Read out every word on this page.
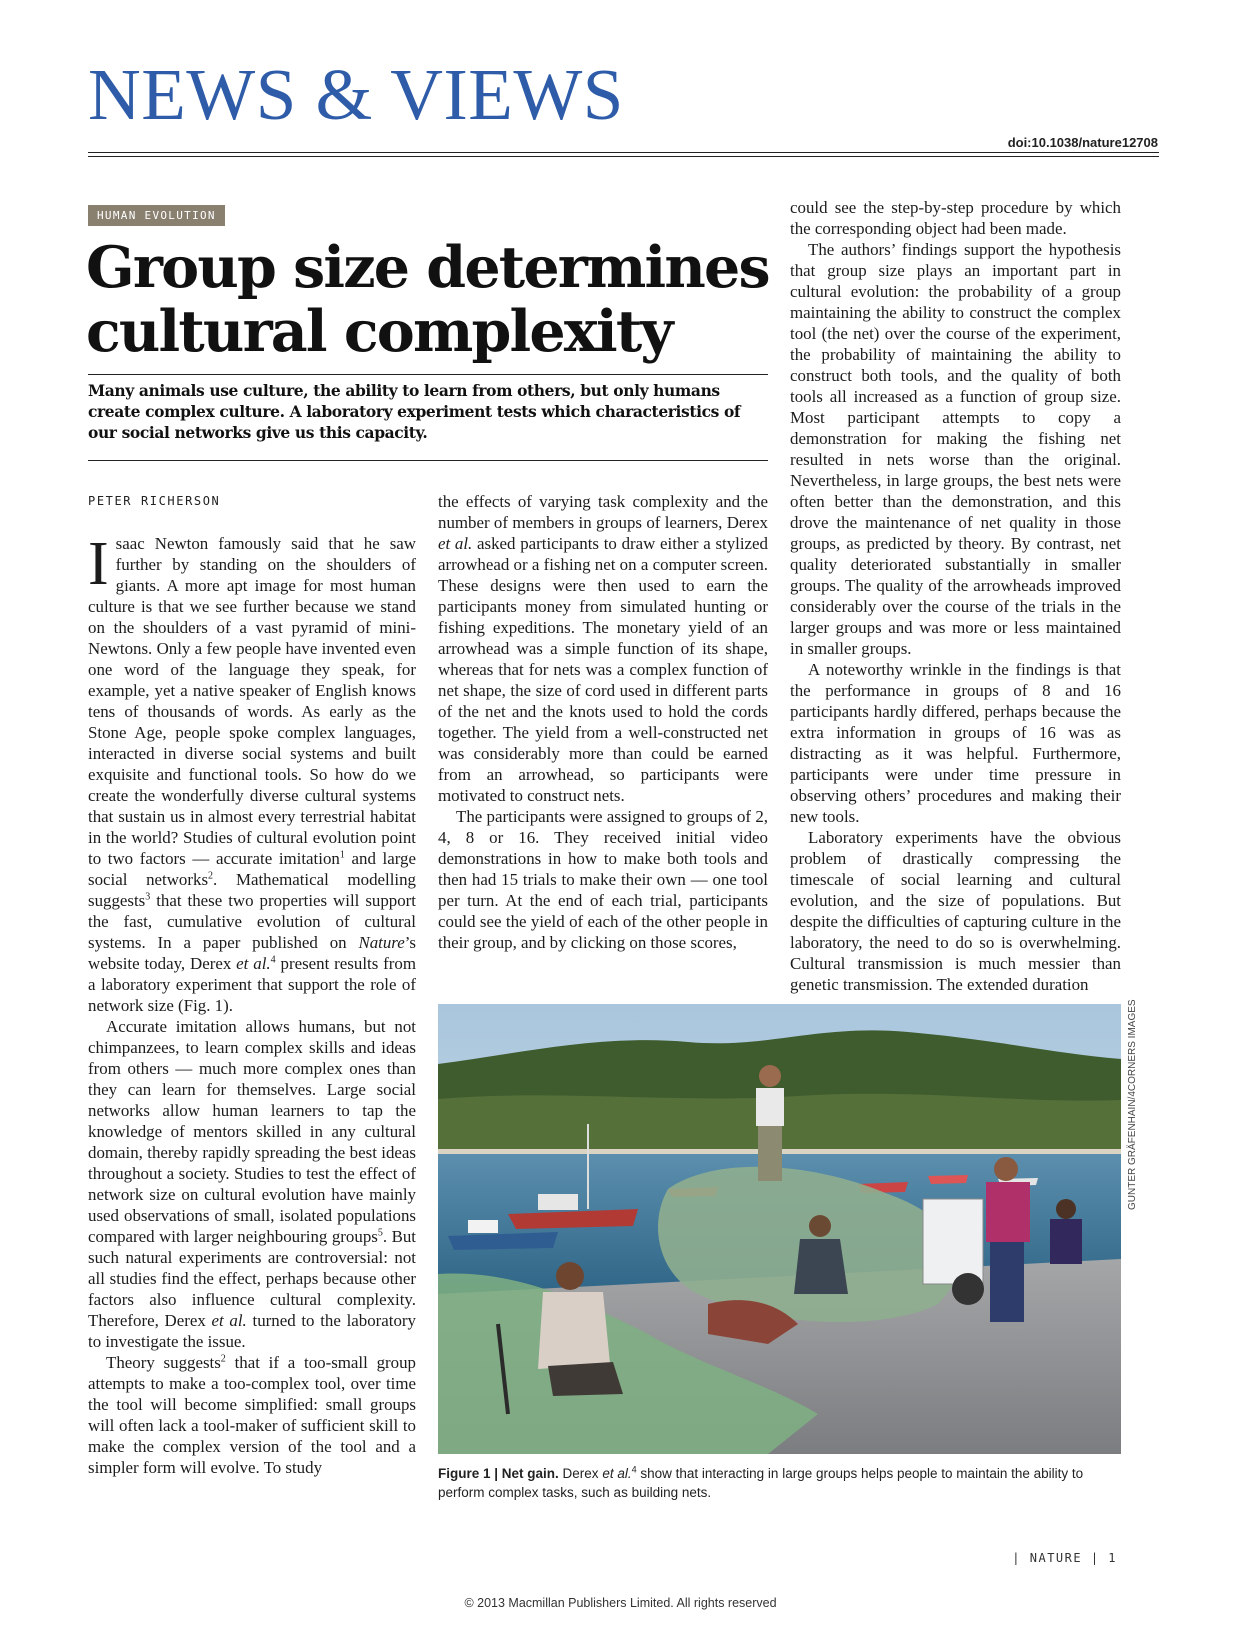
NEWS & VIEWS
doi:10.1038/nature12708
HUMAN EVOLUTION
Group size determines cultural complexity

Many animals use culture, the ability to learn from others, but only humans create complex culture. A laboratory experiment tests which characteristics of our social networks give us this capacity.

PETER RICHERSON

Isaac Newton famously said that he saw further by standing on the shoulders of giants. A more apt image for most human culture is that we see further because we stand on the shoulders of a vast pyramid of mini-Newtons. Only a few people have invented even one word of the language they speak, for example, yet a native speaker of English knows tens of thousands of words. As early as the Stone Age, people spoke complex languages, interacted in diverse social systems and built exquisite and functional tools. So how do we create the wonderfully diverse cultural systems that sustain us in almost every terrestrial habitat in the world? Studies of cultural evolution point to two factors — accurate imitation$^1$ and large social networks$^2$. Mathematical modelling suggests$^3$ that these two properties will support the fast, cumulative evolution of cultural systems. In a paper published on Nature’s website today, Derex et al.$^4$ present results from a laboratory experiment that support the role of network size (Fig. 1).

Accurate imitation allows humans, but not chimpanzees, to learn complex skills and ideas from others — much more complex ones than they can learn for themselves. Large social networks allow human learners to tap the knowledge of mentors skilled in any cultural domain, thereby rapidly spreading the best ideas throughout a society. Studies to test the effect of network size on cultural evolution have mainly used observations of small, isolated populations compared with larger neighbouring groups$^5$. But such natural experiments are controversial: not all studies find the effect, perhaps because other factors also influence cultural complexity. Therefore, Derex et al. turned to the laboratory to investigate the issue.

Theory suggests$^2$ that if a too-small group attempts to make a too-complex tool, over time the tool will become simplified: small groups will often lack a tool-maker of sufficient skill to make the complex version of the tool and a simpler form will evolve. To study

the effects of varying task complexity and the number of members in groups of learners, Derex et al. asked participants to draw either a stylized arrowhead or a fishing net on a computer screen. These designs were then used to earn the participants money from simulated hunting or fishing expeditions. The monetary yield of an arrowhead was a simple function of its shape, whereas that for nets was a complex function of net shape, the size of cord used in different parts of the net and the knots used to hold the cords together. The yield from a well-constructed net was considerably more than could be earned from an arrowhead, so participants were motivated to construct nets.

The participants were assigned to groups of 2, 4, 8 or 16. They received initial video demonstrations in how to make both tools and then had 15 trials to make their own — one tool per turn. At the end of each trial, participants could see the yield of each of the other people in their group, and by clicking on those scores,

could see the step-by-step procedure by which the corresponding object had been made.

The authors’ findings support the hypothesis that group size plays an important part in cultural evolution: the probability of a group maintaining the ability to construct the complex tool (the net) over the course of the experiment, the probability of maintaining the ability to construct both tools, and the quality of both tools all increased as a function of group size. Most participant attempts to copy a demonstration for making the fishing net resulted in nets worse than the original. Nevertheless, in large groups, the best nets were often better than the demonstration, and this drove the maintenance of net quality in those groups, as predicted by theory. By contrast, net quality deteriorated substantially in smaller groups. The quality of the arrowheads improved considerably over the course of the trials in the larger groups and was more or less maintained in smaller groups.

A noteworthy wrinkle in the findings is that the performance in groups of 8 and 16 participants hardly differed, perhaps because the extra information in groups of 16 was as distracting as it was helpful. Furthermore, participants were under time pressure in observing others’ procedures and making their new tools.

Laboratory experiments have the obvious problem of drastically compressing the timescale of social learning and cultural evolution, and the size of populations. But despite the difficulties of capturing culture in the laboratory, the need to do so is overwhelming. Cultural transmission is much messier than genetic transmission. The extended duration

GUNTER GRÄFENHAIN/4CORNERS IMAGES
Figure 1 | Net gain. Derex et al.$^4$ show that interacting in large groups helps people to maintain the ability to perform complex tasks, such as building nets.
| NATURE | 1
© 2013 Macmillan Publishers Limited. All rights reserved
